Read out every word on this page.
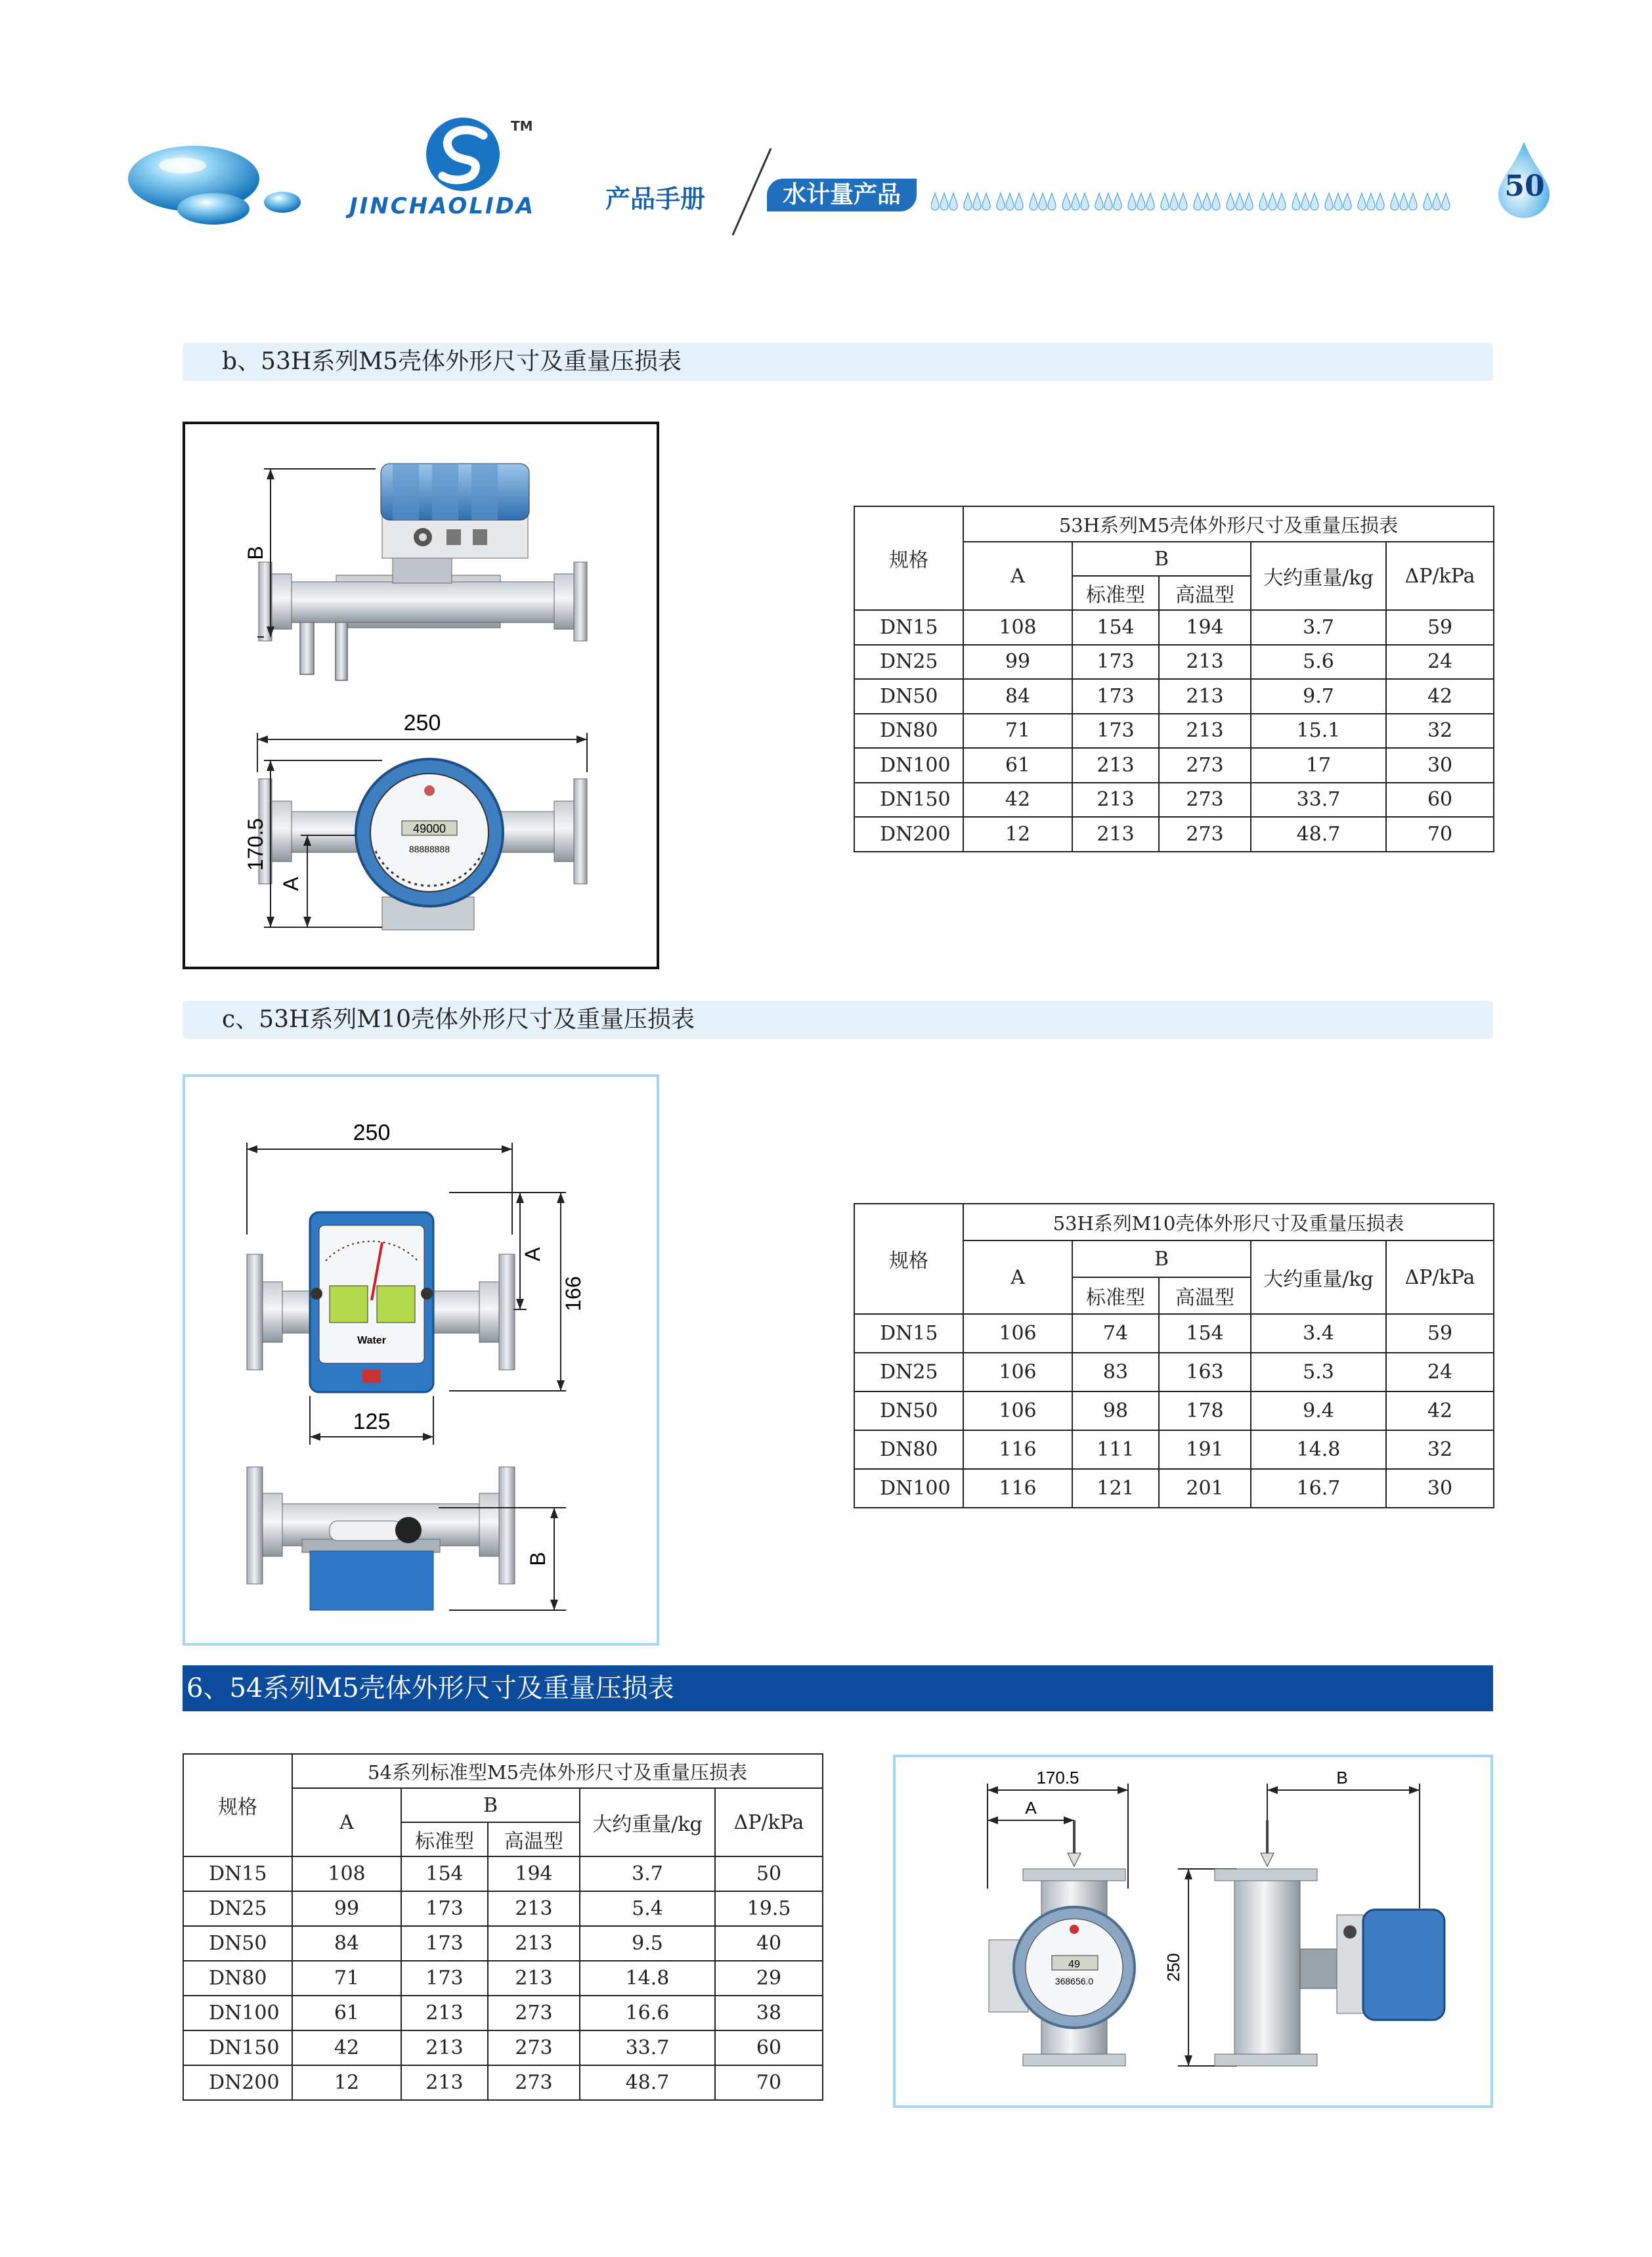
TM
JINCHAOLIDA	产品手册	水计量产品	50
b、53H系列M5壳体外形尺寸及重量压损表
B
250
49000
88888888
170.5
A
规格	53H系列M5壳体外形尺寸及重量压损表				
	A	B		大约重量/kg	ΔP/kPa
		标准型	高温型		
DN15	108	154	194	3.7	59
DN25	99	173	213	5.6	24
DN50	84	173	213	9.7	42
DN80	71	173	213	15.1	32
DN100	61	213	273	17	30
DN150	42	213	273	33.7	60
DN200	12	213	273	48.7	70
c、53H系列M10壳体外形尺寸及重量压损表
250
Water
A
166
125
B
规格	53H系列M10壳体外形尺寸及重量压损表				
	A	B		大约重量/kg	ΔP/kPa
		标准型	高温型		
DN15	106	74	154	3.4	59
DN25	106	83	163	5.3	24
DN50	106	98	178	9.4	42
DN80	116	111	191	14.8	32
DN100	116	121	201	16.7	30
6、54系列M5壳体外形尺寸及重量压损表
规格	54系列标准型M5壳体外形尺寸及重量压损表				
	A	B		大约重量/kg	ΔP/kPa
		标准型	高温型		
DN15	108	154	194	3.7	50
DN25	99	173	213	5.4	19.5
DN50	84	173	213	9.5	40
DN80	71	173	213	14.8	29
DN100	61	213	273	16.6	38
DN150	42	213	273	33.7	60
DN200	12	213	273	48.7	70
170.5
A
49
368656.0
B
250
